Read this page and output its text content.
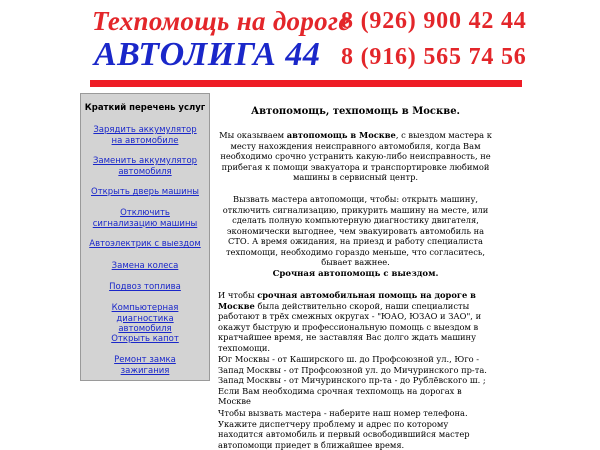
Техпомощь на дороге
АВТОЛИГА 44
8 (926) 900 42 44
8 (916) 565 74 56
Краткий перечень услуг
Зарядить аккумулятор на автомобиле
Заменить аккумулятор автомобиля
Открыть дверь машины
Отключить сигнализацию машины
Автоэлектрик с выездом
Замена колеса
Подвоз топлива
Компьютерная диагностика автомобиля
Открыть капот
Ремонт замка зажигания
Автопомощь, техпомощь в Москве.

Мы оказываем автопомощь в Москве, с выездом мастера к месту нахождения неисправного автомобиля, когда Вам необходимо срочно устранить какую-либо неисправность, не прибегая к помощи эвакуатора и транспортировке любимой машины в сервисный центр.

Вызвать мастера автопомощи, чтобы: открыть машину, отключить сигнализацию, прикурить машину на месте, или сделать полную компьютерную диагностику двигателя, экономически выгоднее, чем эвакуировать автомобиль на СТО. А время ожидания, на приезд и работу специалиста техпомощи, необходимо гораздо меньше, что согласитесь, бывает важнее.

Срочная автопомощь с выездом.

И чтобы срочная автомобильная помощь на дороге в Москве была действительно скорой, наши специалисты работают в трёх смежных округах - "ЮАО, ЮЗАО и ЗАО", и окажут быструю и профессиональную помощь с выездом в кратчайшее время, не заставляя Вас долго ждать машину техпомощи.

Юг Москвы - от Каширского ш. до Профсоюзной ул., Юго - Запад Москвы - от Профсоюзной ул. до Мичуринского пр-та. Запад Москвы - от Мичуринского пр-та - до Рублёвского ш. ; Если Вам необходима срочная техпомощь на дорогах в Москве

Чтобы вызвать мастера - наберите наш номер телефона. Укажите диспетчеру проблему и адрес по которому находится автомобиль и первый освободившийся мастер автопомощи приедет в ближайшее время.
